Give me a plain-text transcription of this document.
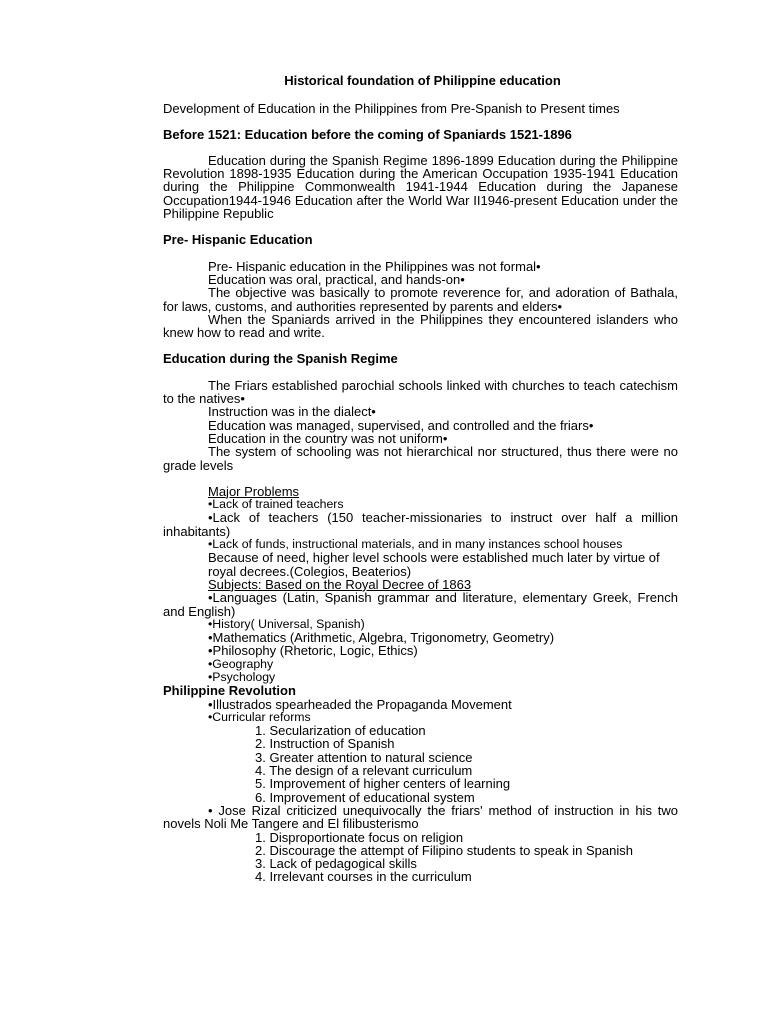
Historical foundation of Philippine education

Development of Education in the Philippines from Pre-Spanish to Present times

Before 1521: Education before the coming of Spaniards 1521-1896

Education during the Spanish Regime 1896-1899 Education during the Philippine Revolution 1898-1935 Education during the American Occupation 1935-1941 Education during the Philippine Commonwealth 1941-1944 Education during the Japanese Occupation1944-1946 Education after the World War II1946-present Education under the Philippine Republic

Pre- Hispanic Education

Pre- Hispanic education in the Philippines was not formal•

Education was oral, practical, and hands-on•

The objective was basically to promote reverence for, and adoration of Bathala, for laws, customs, and authorities represented by parents and elders•

When the Spaniards arrived in the Philippines they encountered islanders who knew how to read and write.

Education during the Spanish Regime

The Friars established parochial schools linked with churches to teach catechism to the natives•

Instruction was in the dialect•

Education was managed, supervised, and controlled and the friars•

Education in the country was not uniform•

The system of schooling was not hierarchical nor structured, thus there were no grade levels

Major Problems

•Lack of trained teachers

•Lack of teachers (150 teacher-missionaries to instruct over half a million inhabitants)

•Lack of funds, instructional materials, and in many instances school houses

Because of need, higher level schools were established much later by virtue of royal decrees.(Colegios, Beaterios)

Subjects: Based on the Royal Decree of 1863

•Languages (Latin, Spanish grammar and literature, elementary Greek, French and English)

•History( Universal, Spanish)

•Mathematics (Arithmetic, Algebra, Trigonometry, Geometry)

•Philosophy (Rhetoric, Logic, Ethics)

•Geography

•Psychology

Philippine Revolution

•Illustrados spearheaded the Propaganda Movement

•Curricular reforms

1. Secularization of education

2. Instruction of Spanish

3. Greater attention to natural science

4. The design of a relevant curriculum

5. Improvement of higher centers of learning

6. Improvement of educational system

• Jose Rizal criticized unequivocally the friars' method of instruction in his two novels Noli Me Tangere and El filibusterismo

1. Disproportionate focus on religion

2. Discourage the attempt of Filipino students to speak in Spanish

3. Lack of pedagogical skills

4. Irrelevant courses in the curriculum
